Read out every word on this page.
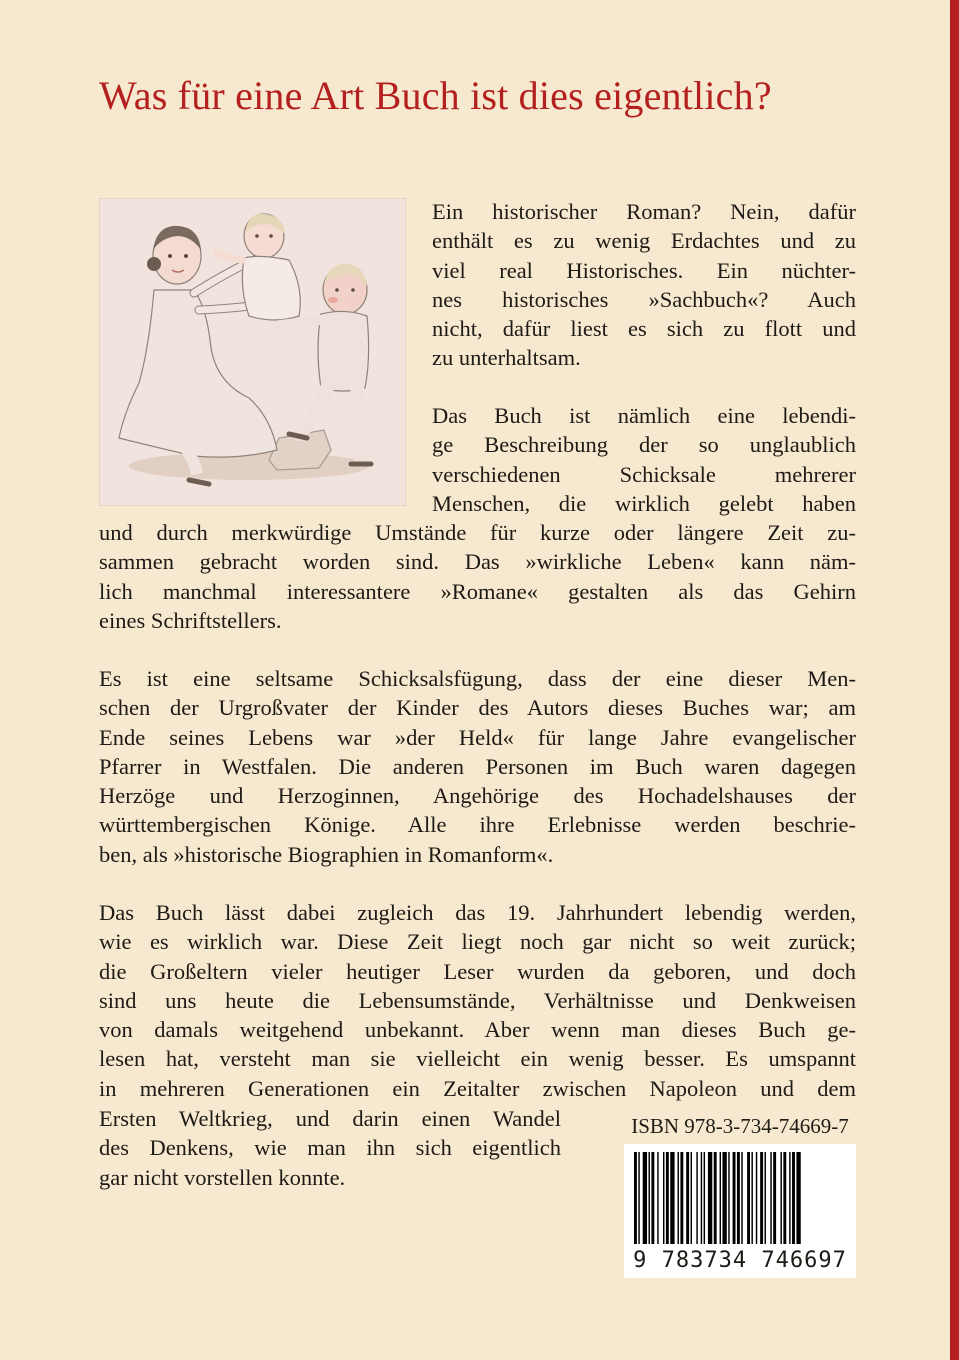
Was für eine Art Buch ist dies eigentlich?
Ein historischer Roman? Nein, dafür
enthält es zu wenig Erdachtes und zu
viel real Historisches. Ein nüchter-
nes historisches »Sachbuch«? Auch
nicht, dafür liest es sich zu flott und
zu unterhaltsam.
Das Buch ist nämlich eine lebendi-
ge Beschreibung der so unglaublich
verschiedenen Schicksale mehrerer
Menschen, die wirklich gelebt haben
und durch merkwürdige Umstände für kurze oder längere Zeit zu-
sammen gebracht worden sind. Das »wirkliche Leben« kann näm-
lich manchmal interessantere »Romane« gestalten als das Gehirn
eines Schriftstellers.
Es ist eine seltsame Schicksalsfügung, dass der eine dieser Men-
schen der Urgroßvater der Kinder des Autors dieses Buches war; am
Ende seines Lebens war »der Held« für lange Jahre evangelischer
Pfarrer in Westfalen. Die anderen Personen im Buch waren dagegen
Herzöge und Herzoginnen, Angehörige des Hochadelshauses der
württembergischen Könige. Alle ihre Erlebnisse werden beschrie-
ben, als »historische Biographien in Romanform«.
Das Buch lässt dabei zugleich das 19. Jahrhundert lebendig werden,
wie es wirklich war. Diese Zeit liegt noch gar nicht so weit zurück;
die Großeltern vieler heutiger Leser wurden da geboren, und doch
sind uns heute die Lebensumstände, Verhältnisse und Denkweisen
von damals weitgehend unbekannt. Aber wenn man dieses Buch ge-
lesen hat, versteht man sie vielleicht ein wenig besser. Es umspannt
in mehreren Generationen ein Zeitalter zwischen Napoleon und dem
Ersten Weltkrieg, und darin einen Wandel
des Denkens, wie man ihn sich eigentlich
gar nicht vorstellen konnte.
ISBN 978-3-734-74669-7
9 783734 746697
